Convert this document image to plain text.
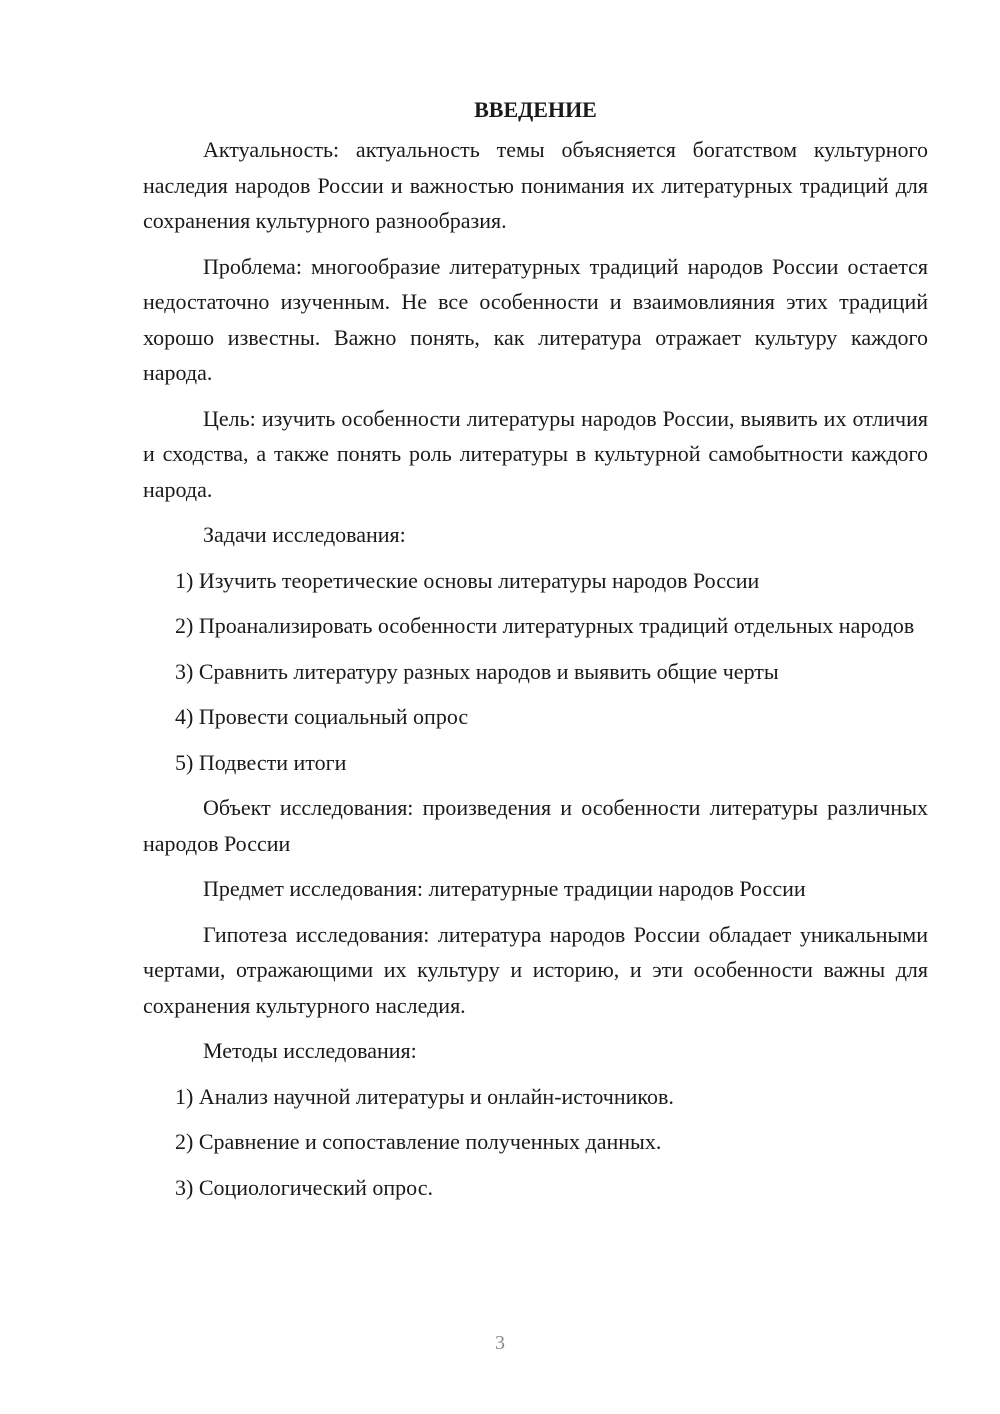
ВВЕДЕНИЕ

Актуальность: актуальность темы объясняется богатством культурного наследия народов России и важностью понимания их литературных традиций для сохранения культурного разнообразия.

Проблема: многообразие литературных традиций народов России остается недостаточно изученным. Не все особенности и взаимовлияния этих традиций хорошо известны. Важно понять, как литература отражает культуру каждого народа.

Цель: изучить особенности литературы народов России, выявить их отличия и сходства, а также понять роль литературы в культурной самобытности каждого народа.

Задачи исследования:

1) Изучить теоретические основы литературы народов России

2) Проанализировать особенности литературных традиций отдельных народов

3) Сравнить литературу разных народов и выявить общие черты

4) Провести социальный опрос

5) Подвести итоги

Объект исследования: произведения и особенности литературы различных народов России

Предмет исследования: литературные традиции народов России

Гипотеза исследования: литература народов России обладает уникальными чертами, отражающими их культуру и историю, и эти особенности важны для сохранения культурного наследия.

Методы исследования:

1) Анализ научной литературы и онлайн-источников.

2) Сравнение и сопоставление полученных данных.

3) Социологический опрос.

3
